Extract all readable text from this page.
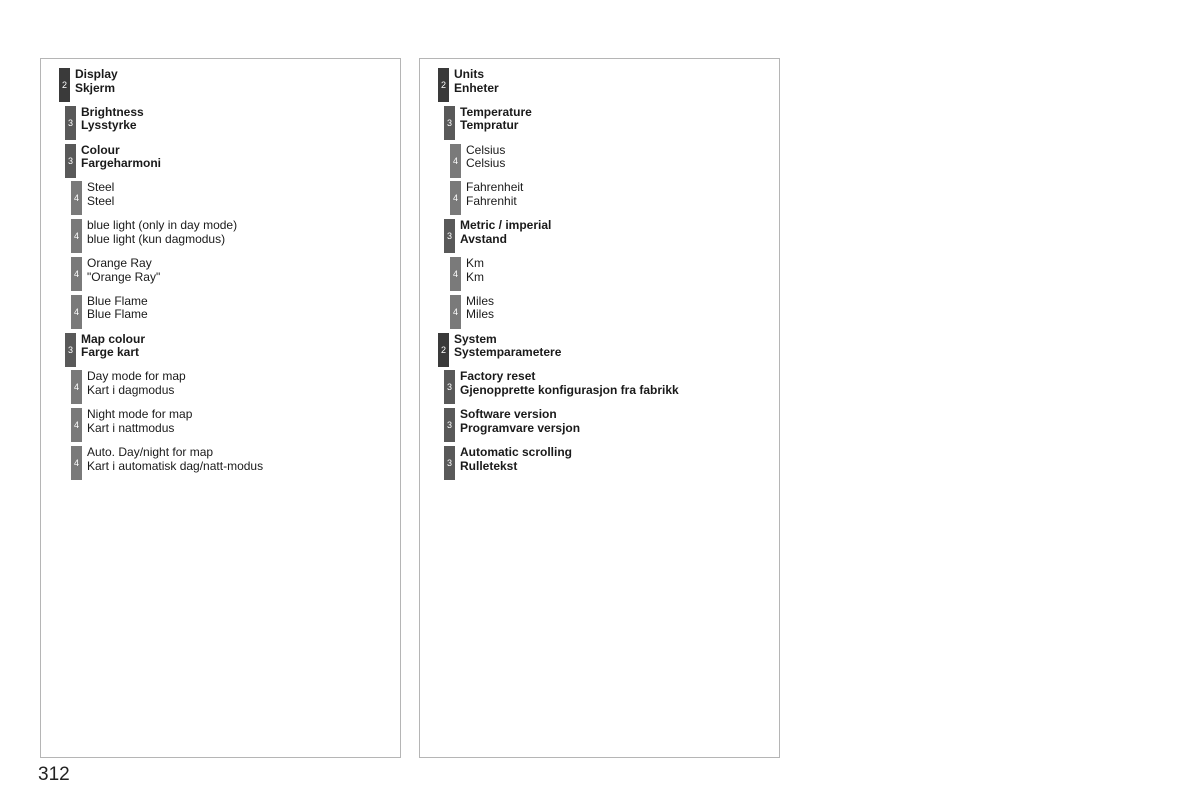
2
Display
Skjerm
3
Brightness
Lysstyrke
3
Colour
Fargeharmoni
4
Steel
Steel
4
blue light (only in day mode)
blue light (kun dagmodus)
4
Orange Ray
"Orange Ray"
4
Blue Flame
Blue Flame
3
Map colour
Farge kart
4
Day mode for map
Kart i dagmodus
4
Night mode for map
Kart i nattmodus
4
Auto. Day/night for map
Kart i automatisk dag/natt-modus
2
Units
Enheter
3
Temperature
Tempratur
4
Celsius
Celsius
4
Fahrenheit
Fahrenhit
3
Metric / imperial
Avstand
4
Km
Km
4
Miles
Miles
2
System
Systemparametere
3
Factory reset
Gjenopprette konfigurasjon fra fabrikk
3
Software version
Programvare versjon
3
Automatic scrolling
Rulletekst
312
